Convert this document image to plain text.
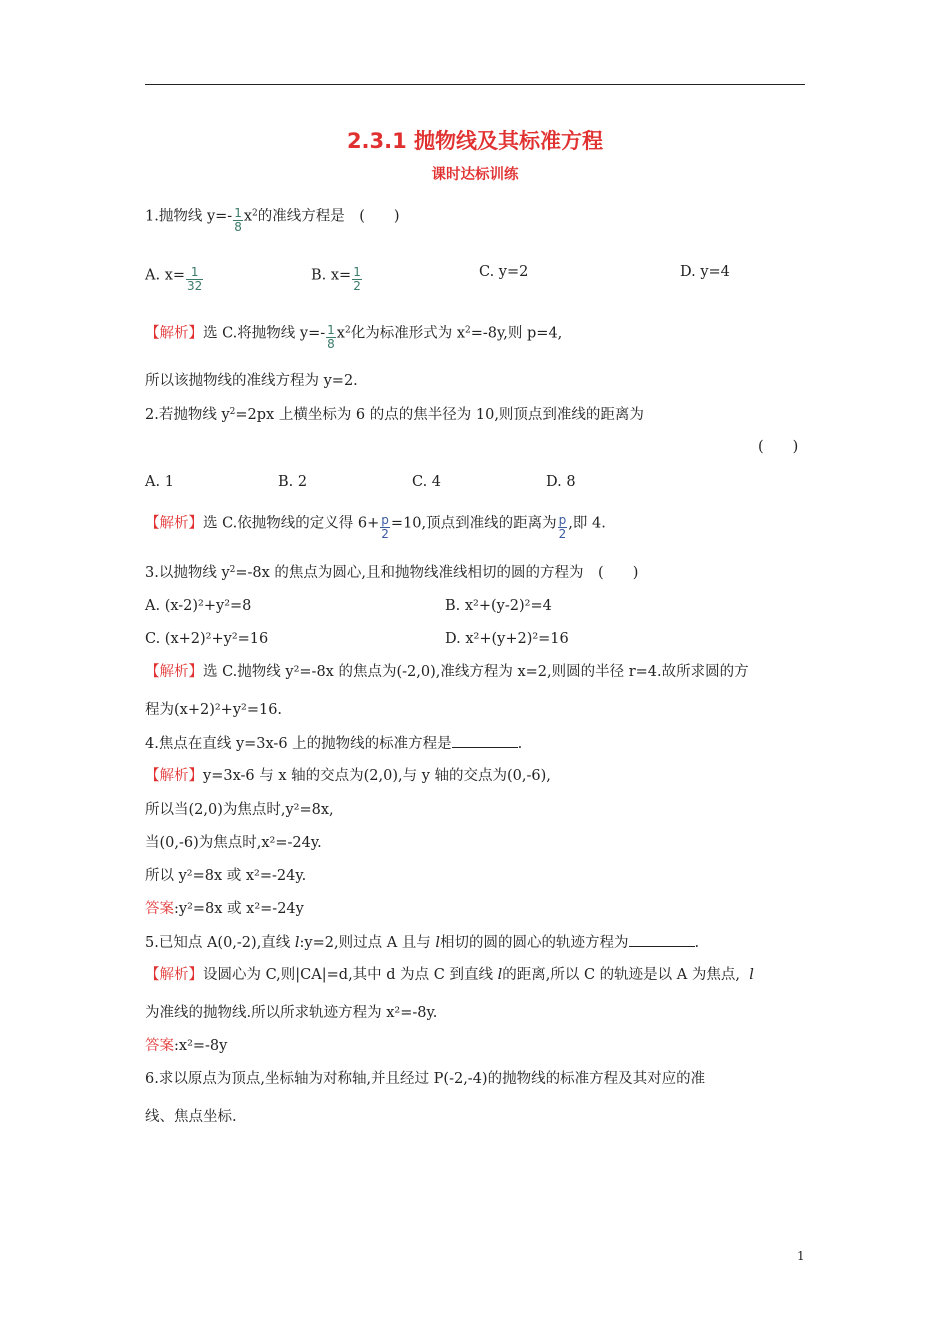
2.3.1 抛物线及其标准方程
课时达标训练
1.抛物线 $y=- \frac{1}{8} x^2$的准线方程是　(　　)
A. $x= \frac{1}{32}$	B. $x= \frac{1}{2}$	C. y=2	D. y=4
【解析】选 C.将抛物线 $y=- \frac{1}{8} x^2$化为标准形式为 $x^2=-8y$,则 p=4,
所以该抛物线的准线方程为 y=2.
2.若抛物线 $y^2=2px$ 上横坐标为 6 的点的焦半径为 10,则顶点到准线的距离为
(　　)
A. 1	B. 2	C. 4	D. 8
【解析】选 C.依抛物线的定义得 $6+ \frac{p}{2} =10$,顶点到准线的距离为 $\frac{p}{2}$ ,即 4.
3.以抛物线 $y^2=-8x$ 的焦点为圆心,且和抛物线准线相切的圆的方程为　(　　)
A. (x-2)²+y²=8	B. x²+(y-2)²=4
C. (x+2)²+y²=16	D. x²+(y+2)²=16
【解析】选 C.抛物线 y²=-8x 的焦点为(-2,0),准线方程为 x=2,则圆的半径 r=4.故所求圆的方
程为(x+2)²+y²=16.
4.焦点在直线 y=3x-6 上的抛物线的标准方程是	.
【解析】y=3x-6 与 x 轴的交点为(2,0),与 y 轴的交点为(0,-6),
所以当(2,0)为焦点时,y²=8x,
当(0,-6)为焦点时,x²=-24y.
所以 y²=8x 或 x²=-24y.
答案:y²=8x 或 x²=-24y
5.已知点 A(0,-2),直线 l:y=2,则过点 A 且与 l相切的圆的圆心的轨迹方程为	.
【解析】设圆心为 C,则|CA|=d,其中 d 为点 C 到直线 l的距离,所以 C 的轨迹是以 A 为焦点, l
为准线的抛物线.所以所求轨迹方程为 x²=-8y.
答案:x²=-8y
6.求以原点为顶点,坐标轴为对称轴,并且经过 P(-2,-4)的抛物线的标准方程及其对应的准
线、焦点坐标.
1
